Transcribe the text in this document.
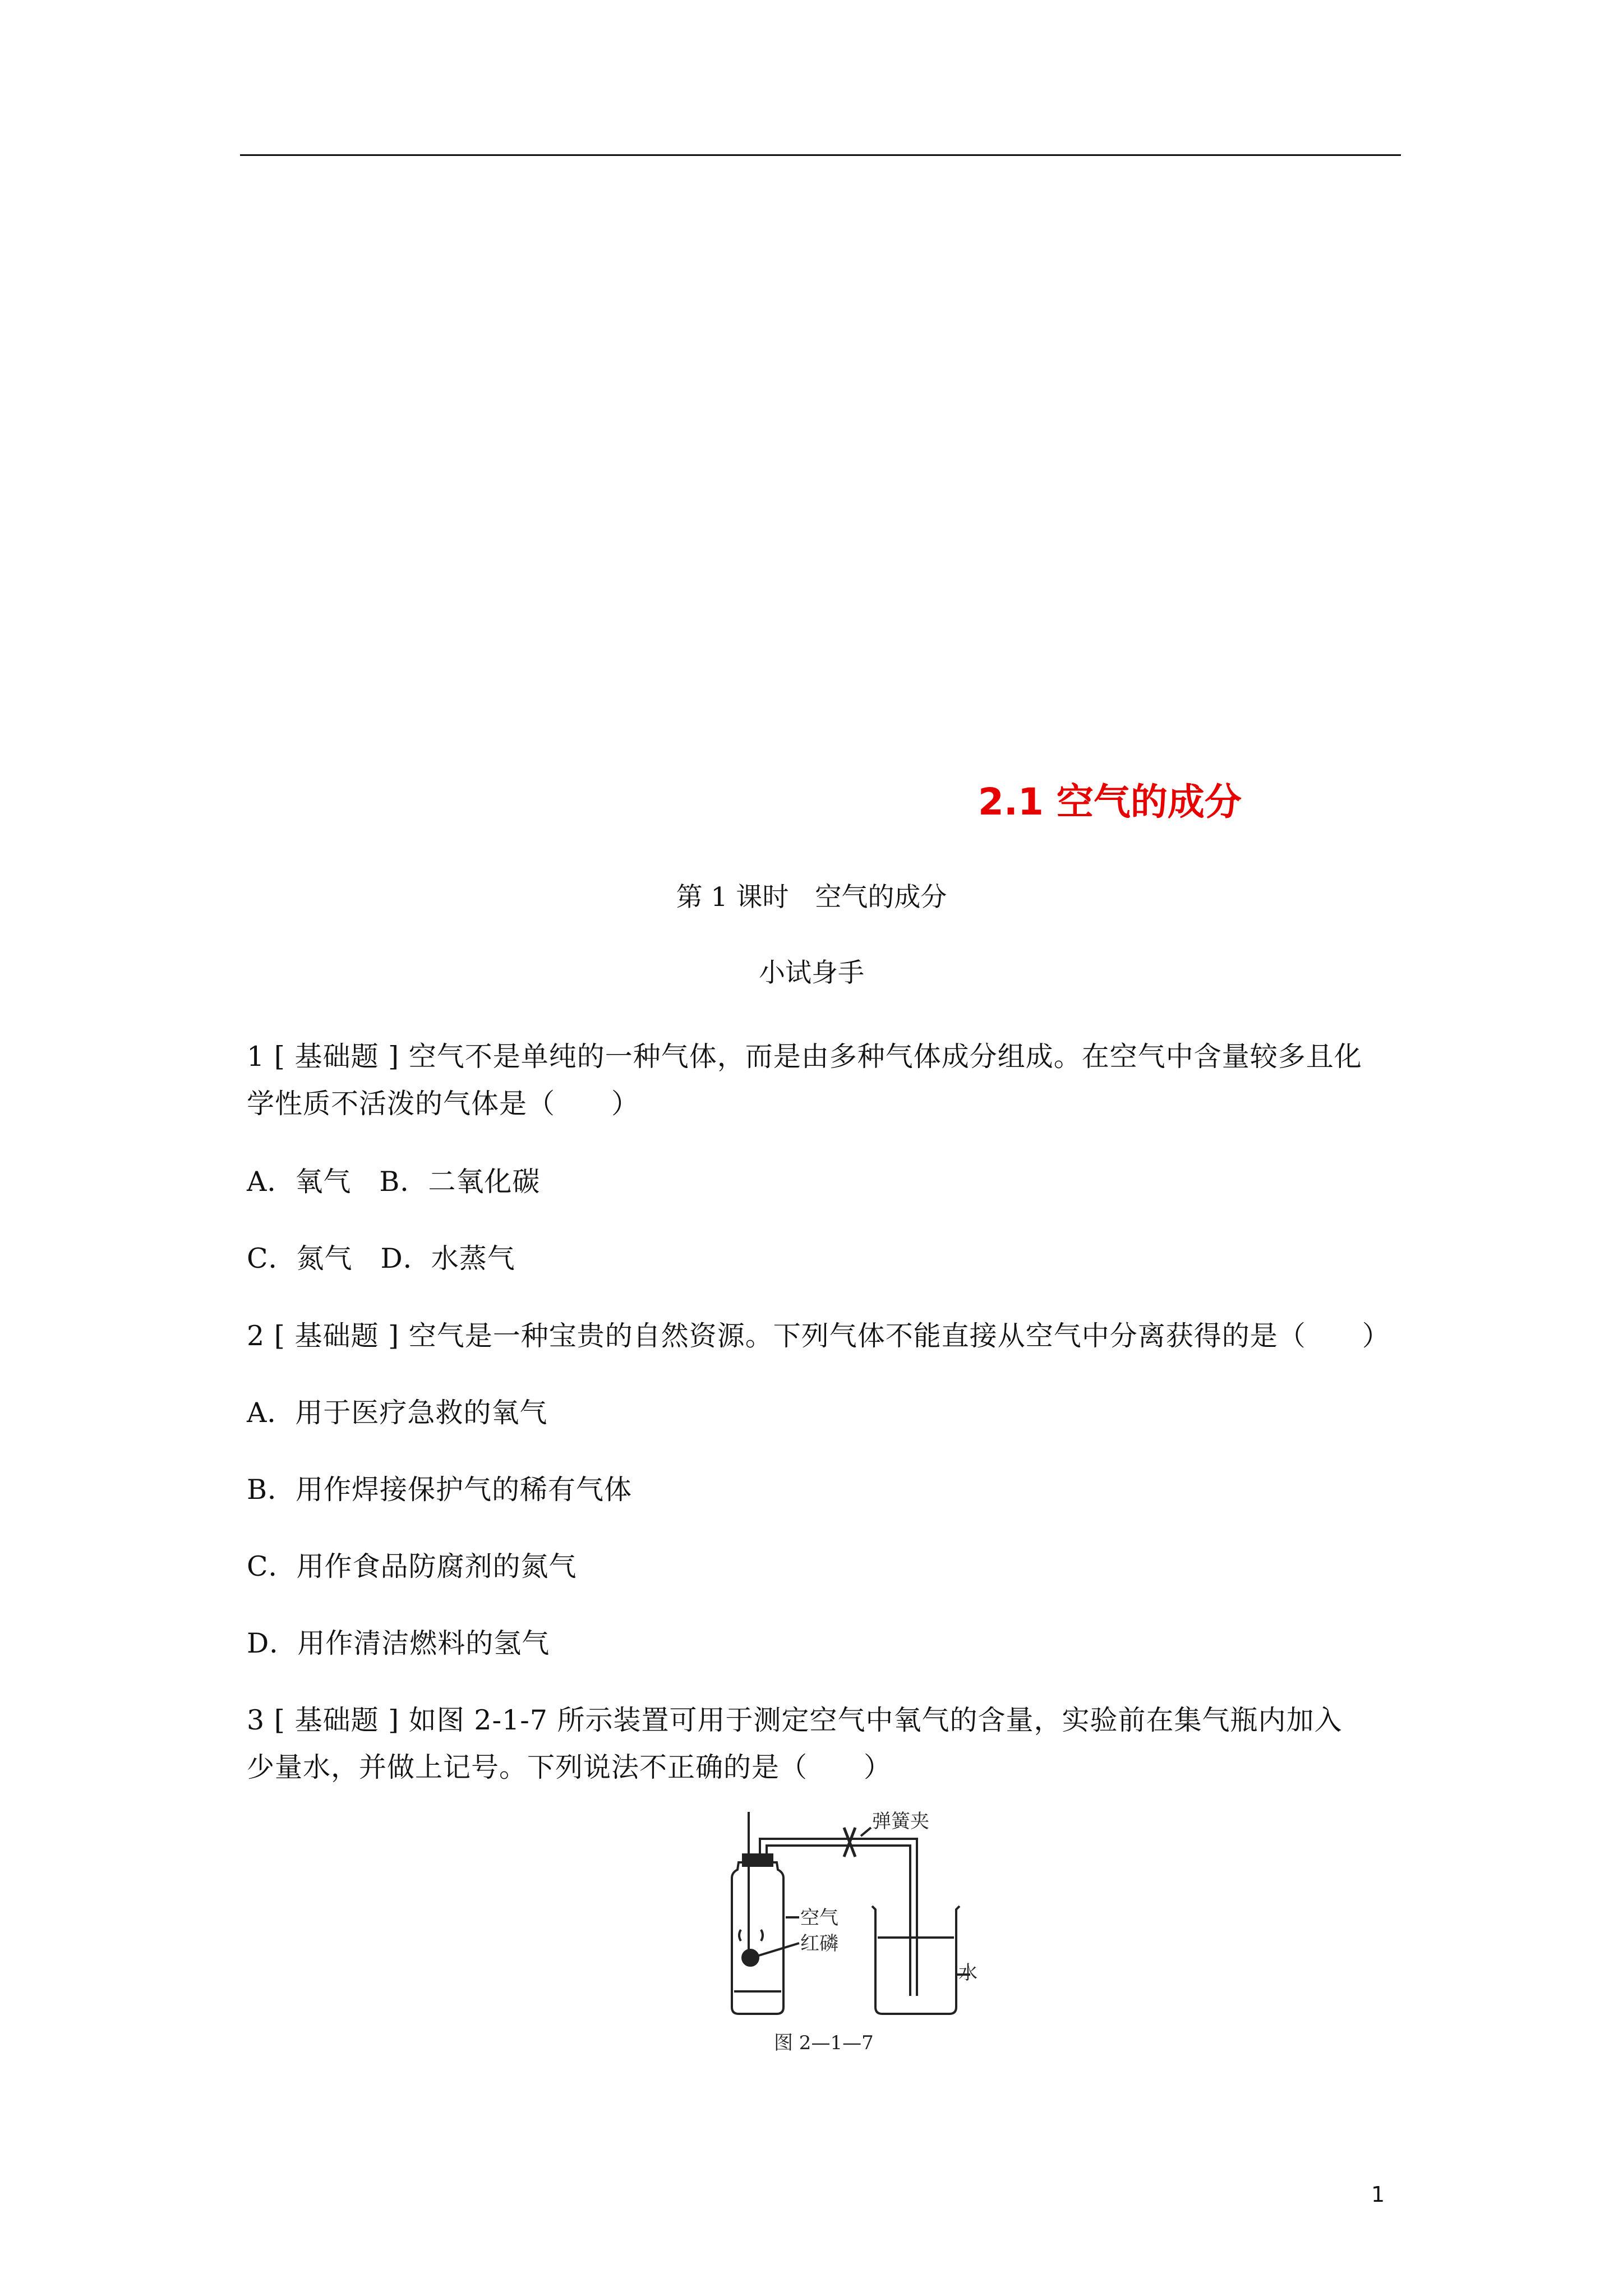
2.1 空气的成分

第 1 课时　空气的成分

小试身手

1 [ 基础题 ] 空气不是单纯的一种气体，而是由多种气体成分组成。在空气中含量较多且化

学性质不活泼的气体是（　　）

A．氧气　B．二氧化碳

C．氮气　D．水蒸气

2 [ 基础题 ] 空气是一种宝贵的自然资源。下列气体不能直接从空气中分离获得的是（　　）

A．用于医疗急救的氧气

B．用作焊接保护气的稀有气体

C．用作食品防腐剂的氮气

D．用作清洁燃料的氢气

3 [ 基础题 ] 如图 2-1-7 所示装置可用于测定空气中氧气的含量，实验前在集气瓶内加入

少量水，并做上记号。下列说法不正确的是（　　）

弹簧夹
空气
红磷
水
图 2—1—7

1
